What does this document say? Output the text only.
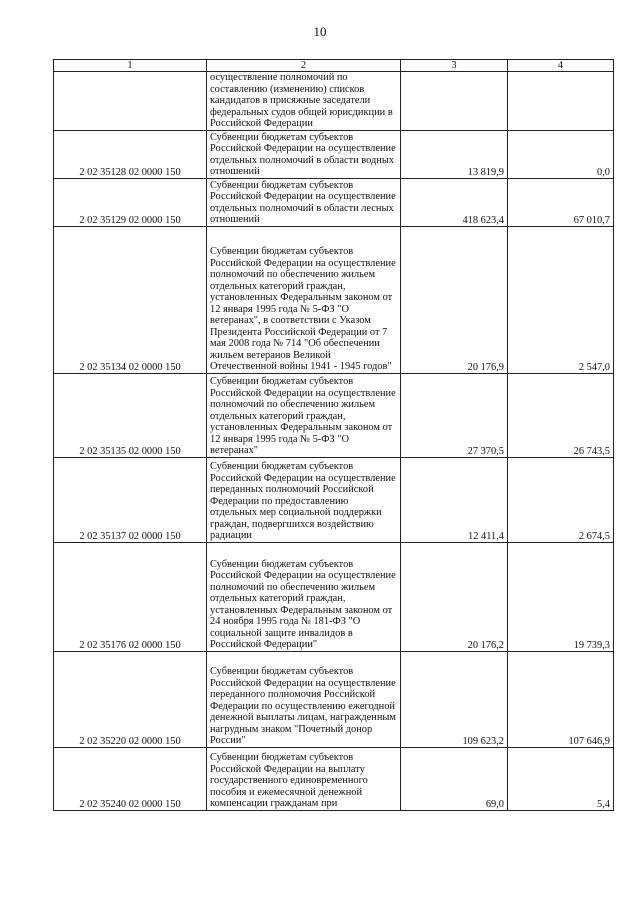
10
1	2	3	4
	осуществление полномочий по составлению (изменению) списков кандидатов в присяжные заседатели федеральных судов общей юрисдикции в Российской Федерации		
2 02 35128 02 0000 150	Субвенции бюджетам субъектов Российской Федерации на осуществление отдельных полномочий в области водных отношений	13 819,9	0,0
2 02 35129 02 0000 150	Субвенции бюджетам субъектов Российской Федерации на осуществление отдельных полномочий в области лесных отношений	418 623,4	67 010,7
2 02 35134 02 0000 150	Субвенции бюджетам субъектов Российской Федерации на осуществление полномочий по обеспечению жильем отдельных категорий граждан, установленных Федеральным законом от 12 января 1995 года № 5-ФЗ "О ветеранах", в соответствии с Указом Президента Российской Федерации от 7 мая 2008 года № 714 "Об обеспечении жильем ветеранов Великой Отечественной войны 1941 - 1945 годов"	20 176,9	2 547,0
2 02 35135 02 0000 150	Субвенции бюджетам субъектов Российской Федерации на осуществление полномочий по обеспечению жильем отдельных категорий граждан, установленных Федеральным законом от 12 января 1995 года № 5-ФЗ "О ветеранах"	27 370,5	26 743,5
2 02 35137 02 0000 150	Субвенции бюджетам субъектов Российской Федерации на осуществление переданных полномочий Российской Федерации по предоставлению отдельных мер социальной поддержки граждан, подвергшихся воздействию радиации	12 411,4	2 674,5
2 02 35176 02 0000 150	Субвенции бюджетам субъектов Российской Федерации на осуществление полномочий по обеспечению жильем отдельных категорий граждан, установленных Федеральным законом от 24 ноября 1995 года № 181-ФЗ "О социальной защите инвалидов в Российской Федерации"	20 176,2	19 739,3
2 02 35220 02 0000 150	Субвенции бюджетам субъектов Российской Федерации на осуществление переданного полномочия Российской Федерации по осуществлению ежегодной денежной выплаты лицам, награжденным нагрудным знаком "Почетный донор России"	109 623,2	107 646,9
2 02 35240 02 0000 150	Субвенции бюджетам субъектов Российской Федерации на выплату государственного единовременного пособия и ежемесячной денежной компенсации гражданам при	69,0	5,4
